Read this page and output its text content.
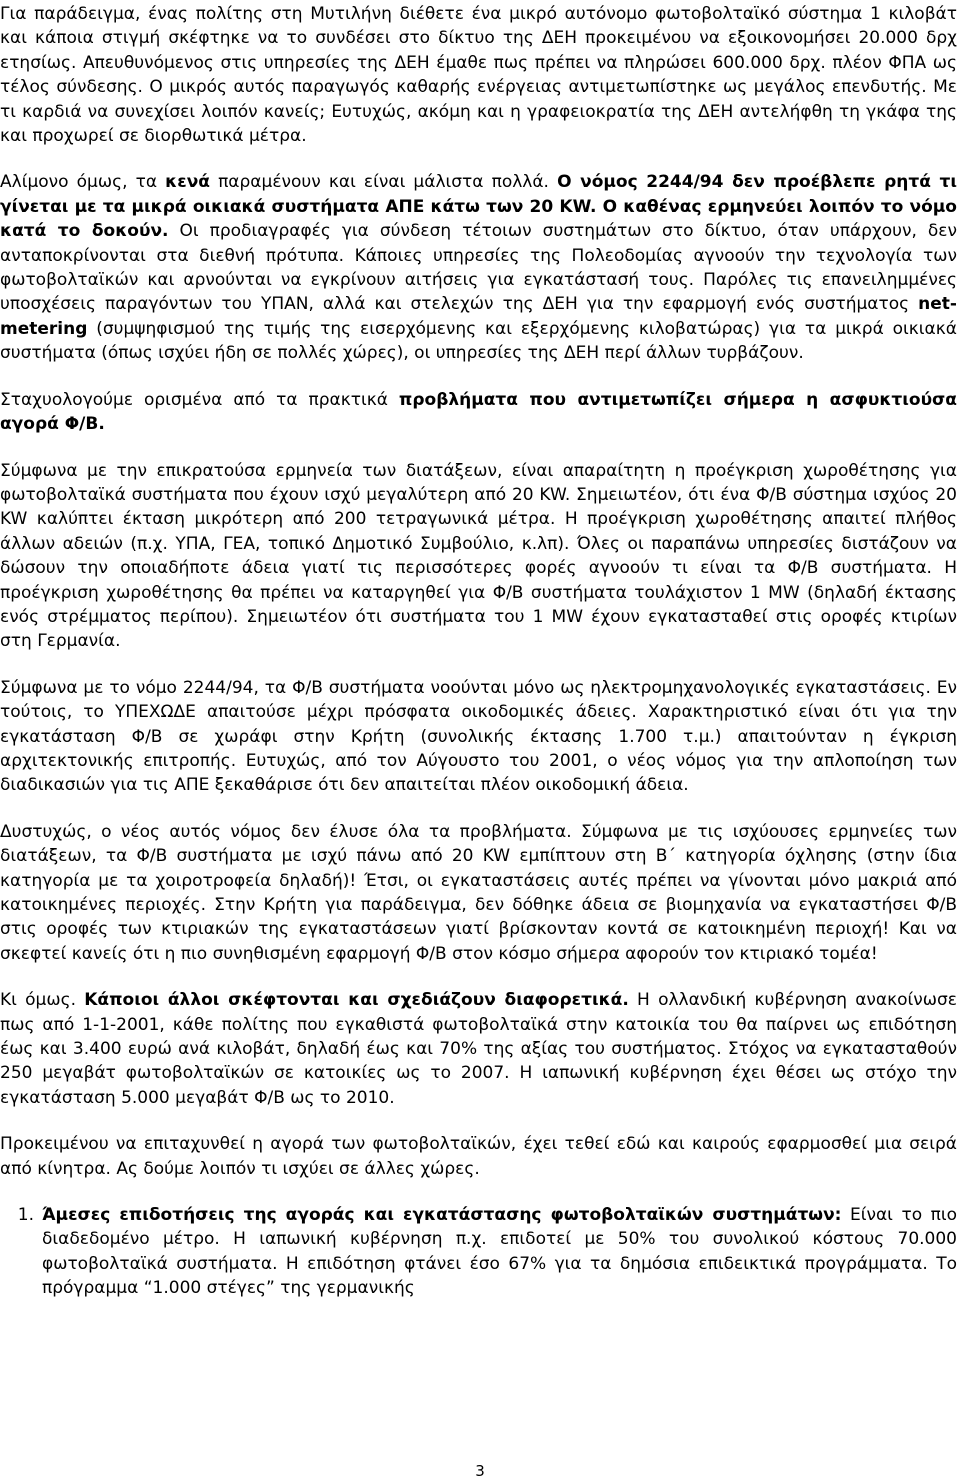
Για παράδειγμα, ένας πολίτης στη Μυτιλήνη διέθετε ένα μικρό αυτόνομο φωτοβολταϊκό σύστημα 1 κιλοβάτ και κάποια στιγμή σκέφτηκε να το συνδέσει στο δίκτυο της ΔΕΗ προκειμένου να εξοικονομήσει 20.000 δρχ ετησίως. Απευθυνόμενος στις υπηρεσίες της ΔΕΗ έμαθε πως πρέπει να πληρώσει 600.000 δρχ. πλέον ΦΠΑ ως τέλος σύνδεσης. Ο μικρός αυτός παραγωγός καθαρής ενέργειας αντιμετωπίστηκε ως μεγάλος επενδυτής. Με τι καρδιά να συνεχίσει λοιπόν κανείς; Ευτυχώς, ακόμη και η γραφειοκρατία της ΔΕΗ αντελήφθη τη γκάφα της και προχωρεί σε διορθωτικά μέτρα.

Αλίμονο όμως, τα κενά παραμένουν και είναι μάλιστα πολλά. Ο νόμος 2244/94 δεν προέβλεπε ρητά τι γίνεται με τα μικρά οικιακά συστήματα ΑΠΕ κάτω των 20 KW. Ο καθένας ερμηνεύει λοιπόν το νόμο κατά το δοκούν. Οι προδιαγραφές για σύνδεση τέτοιων συστημάτων στο δίκτυο, όταν υπάρχουν, δεν ανταποκρίνονται στα διεθνή πρότυπα. Κάποιες υπηρεσίες της Πολεοδομίας αγνοούν την τεχνολογία των φωτοβολταϊκών και αρνούνται να εγκρίνουν αιτήσεις για εγκατάστασή τους. Παρόλες τις επανειλημμένες υποσχέσεις παραγόντων του ΥΠΑΝ, αλλά και στελεχών της ΔΕΗ για την εφαρμογή ενός συστήματος net-metering (συμψηφισμού της τιμής της εισερχόμενης και εξερχόμενης κιλοβατώρας) για τα μικρά οικιακά συστήματα (όπως ισχύει ήδη σε πολλές χώρες), οι υπηρεσίες της ΔΕΗ περί άλλων τυρβάζουν.

Σταχυολογούμε ορισμένα από τα πρακτικά προβλήματα που αντιμετωπίζει σήμερα η ασφυκτιούσα αγορά Φ/Β.

Σύμφωνα με την επικρατούσα ερμηνεία των διατάξεων, είναι απαραίτητη η προέγκριση χωροθέτησης για φωτοβολταϊκά συστήματα που έχουν ισχύ μεγαλύτερη από 20 KW. Σημειωτέον, ότι ένα Φ/Β σύστημα ισχύος 20 KW καλύπτει έκταση μικρότερη από 200 τετραγωνικά μέτρα. Η προέγκριση χωροθέτησης απαιτεί πλήθος άλλων αδειών (π.χ. ΥΠΑ, ΓΕΑ, τοπικό Δημοτικό Συμβούλιο, κ.λπ). Όλες οι παραπάνω υπηρεσίες διστάζουν να δώσουν την οποιαδήποτε άδεια γιατί τις περισσότερες φορές αγνοούν τι είναι τα Φ/Β συστήματα. Η προέγκριση χωροθέτησης θα πρέπει να καταργηθεί για Φ/Β συστήματα τουλάχιστον 1 MW (δηλαδή έκτασης ενός στρέμματος περίπου). Σημειωτέον ότι συστήματα του 1 MW έχουν εγκατασταθεί στις οροφές κτιρίων στη Γερμανία.

Σύμφωνα με το νόμο 2244/94, τα Φ/Β συστήματα νοούνται μόνο ως ηλεκτρομηχανολογικές εγκαταστάσεις. Εν τούτοις, το ΥΠΕΧΩΔΕ απαιτούσε μέχρι πρόσφατα οικοδομικές άδειες. Χαρακτηριστικό είναι ότι για την εγκατάσταση Φ/Β σε χωράφι στην Κρήτη (συνολικής έκτασης 1.700 τ.μ.) απαιτούνταν η έγκριση αρχιτεκτονικής επιτροπής. Ευτυχώς, από τον Αύγουστο του 2001, ο νέος νόμος για την απλοποίηση των διαδικασιών για τις ΑΠΕ ξεκαθάρισε ότι δεν απαιτείται πλέον οικοδομική άδεια.

Δυστυχώς, ο νέος αυτός νόμος δεν έλυσε όλα τα προβλήματα. Σύμφωνα με τις ισχύουσες ερμηνείες των διατάξεων, τα Φ/Β συστήματα με ισχύ πάνω από 20 KW εμπίπτουν στη Β΄ κατηγορία όχλησης (στην ίδια κατηγορία με τα χοιροτροφεία δηλαδή)! Έτσι, οι εγκαταστάσεις αυτές πρέπει να γίνονται μόνο μακριά από κατοικημένες περιοχές. Στην Κρήτη για παράδειγμα, δεν δόθηκε άδεια σε βιομηχανία να εγκαταστήσει Φ/Β στις οροφές των κτιριακών της εγκαταστάσεων γιατί βρίσκονταν κοντά σε κατοικημένη περιοχή! Και να σκεφτεί κανείς ότι η πιο συνηθισμένη εφαρμογή Φ/Β στον κόσμο σήμερα αφορούν τον κτιριακό τομέα!

Κι όμως. Κάποιοι άλλοι σκέφτονται και σχεδιάζουν διαφορετικά. Η ολλανδική κυβέρνηση ανακοίνωσε πως από 1-1-2001, κάθε πολίτης που εγκαθιστά φωτοβολταϊκά στην κατοικία του θα παίρνει ως επιδότηση έως και 3.400 ευρώ ανά κιλοβάτ, δηλαδή έως και 70% της αξίας του συστήματος. Στόχος να εγκατασταθούν 250 μεγαβάτ φωτοβολταϊκών σε κατοικίες ως το 2007. Η ιαπωνική κυβέρνηση έχει θέσει ως στόχο την εγκατάσταση 5.000 μεγαβάτ Φ/Β ως το 2010.

Προκειμένου να επιταχυνθεί η αγορά των φωτοβολταϊκών, έχει τεθεί εδώ και καιρούς εφαρμοσθεί μια σειρά από κίνητρα. Ας δούμε λοιπόν τι ισχύει σε άλλες χώρες.

1. Άμεσες επιδοτήσεις της αγοράς και εγκατάστασης φωτοβολταϊκών συστημάτων: Είναι το πιο διαδεδομένο μέτρο. Η ιαπωνική κυβέρνηση π.χ. επιδοτεί με 50% του συνολικού κόστους 70.000 φωτοβολταϊκά συστήματα. Η επιδότηση φτάνει έσο 67% για τα δημόσια επιδεικτικά προγράμματα. Το πρόγραμμα “1.000 στέγες” της γερμανικής

3
